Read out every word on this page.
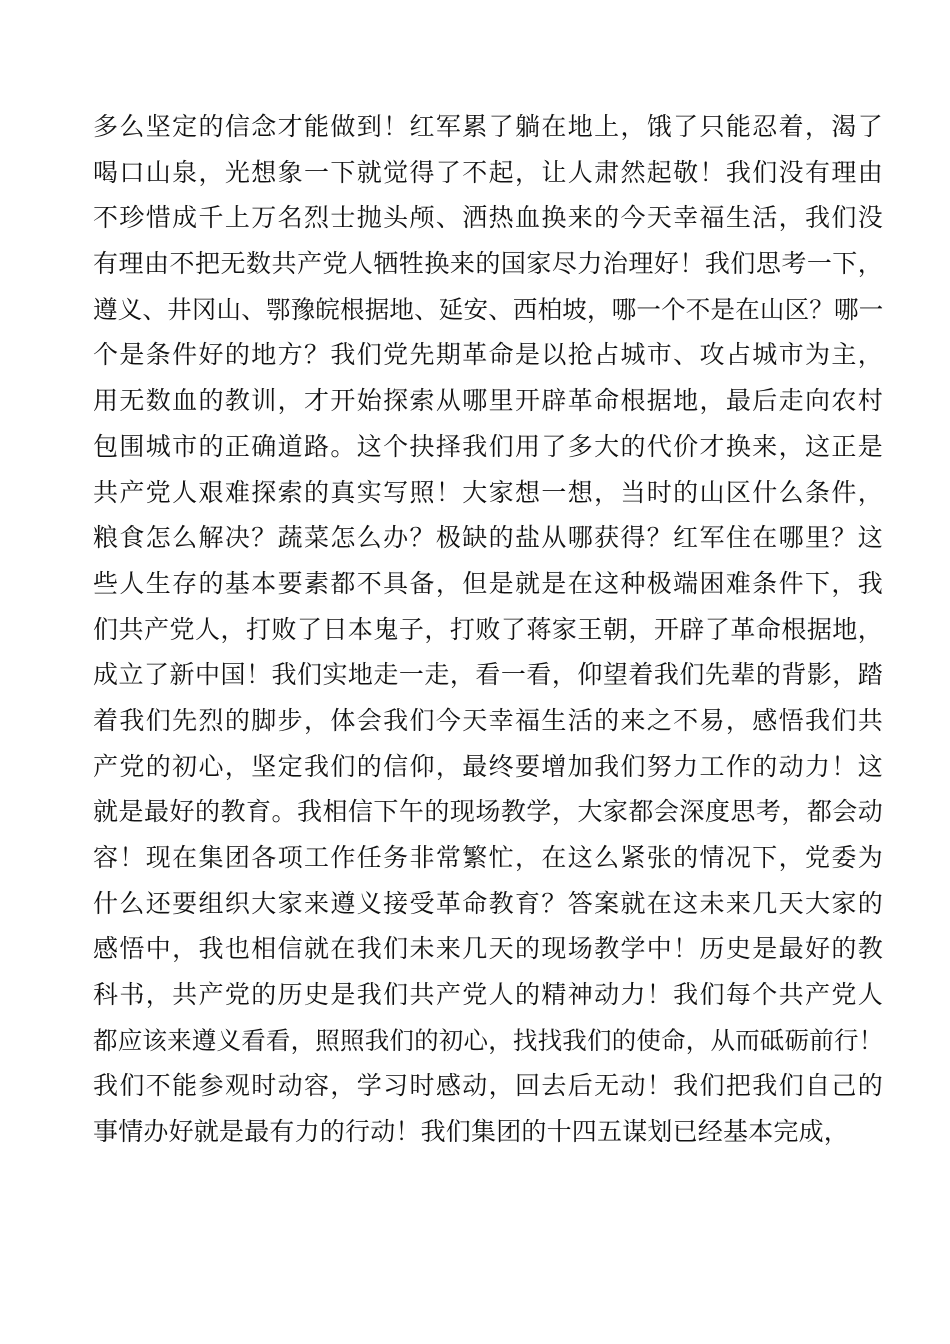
多么坚定的信念才能做到！红军累了躺在地上，饿了只能忍着，渴了
喝口山泉，光想象一下就觉得了不起，让人肃然起敬！我们没有理由
不珍惜成千上万名烈士抛头颅、洒热血换来的今天幸福生活，我们没
有理由不把无数共产党人牺牲换来的国家尽力治理好！我们思考一下，
遵义、井冈山、鄂豫皖根据地、延安、西柏坡，哪一个不是在山区？哪一
个是条件好的地方？我们党先期革命是以抢占城市、攻占城市为主，
用无数血的教训，才开始探索从哪里开辟革命根据地，最后走向农村
包围城市的正确道路。这个抉择我们用了多大的代价才换来，这正是
共产党人艰难探索的真实写照！大家想一想，当时的山区什么条件，
粮食怎么解决？蔬菜怎么办？极缺的盐从哪获得？红军住在哪里？这
些人生存的基本要素都不具备，但是就是在这种极端困难条件下，我
们共产党人，打败了日本鬼子，打败了蒋家王朝，开辟了革命根据地，
成立了新中国！我们实地走一走，看一看，仰望着我们先辈的背影，踏
着我们先烈的脚步，体会我们今天幸福生活的来之不易，感悟我们共
产党的初心，坚定我们的信仰，最终要增加我们努力工作的动力！这
就是最好的教育。我相信下午的现场教学，大家都会深度思考，都会动
容！现在集团各项工作任务非常繁忙，在这么紧张的情况下，党委为
什么还要组织大家来遵义接受革命教育？答案就在这未来几天大家的
感悟中，我也相信就在我们未来几天的现场教学中！历史是最好的教
科书，共产党的历史是我们共产党人的精神动力！我们每个共产党人
都应该来遵义看看，照照我们的初心，找找我们的使命，从而砥砺前行！
我们不能参观时动容，学习时感动，回去后无动！我们把我们自己的
事情办好就是最有力的行动！我们集团的十四五谋划已经基本完成，
